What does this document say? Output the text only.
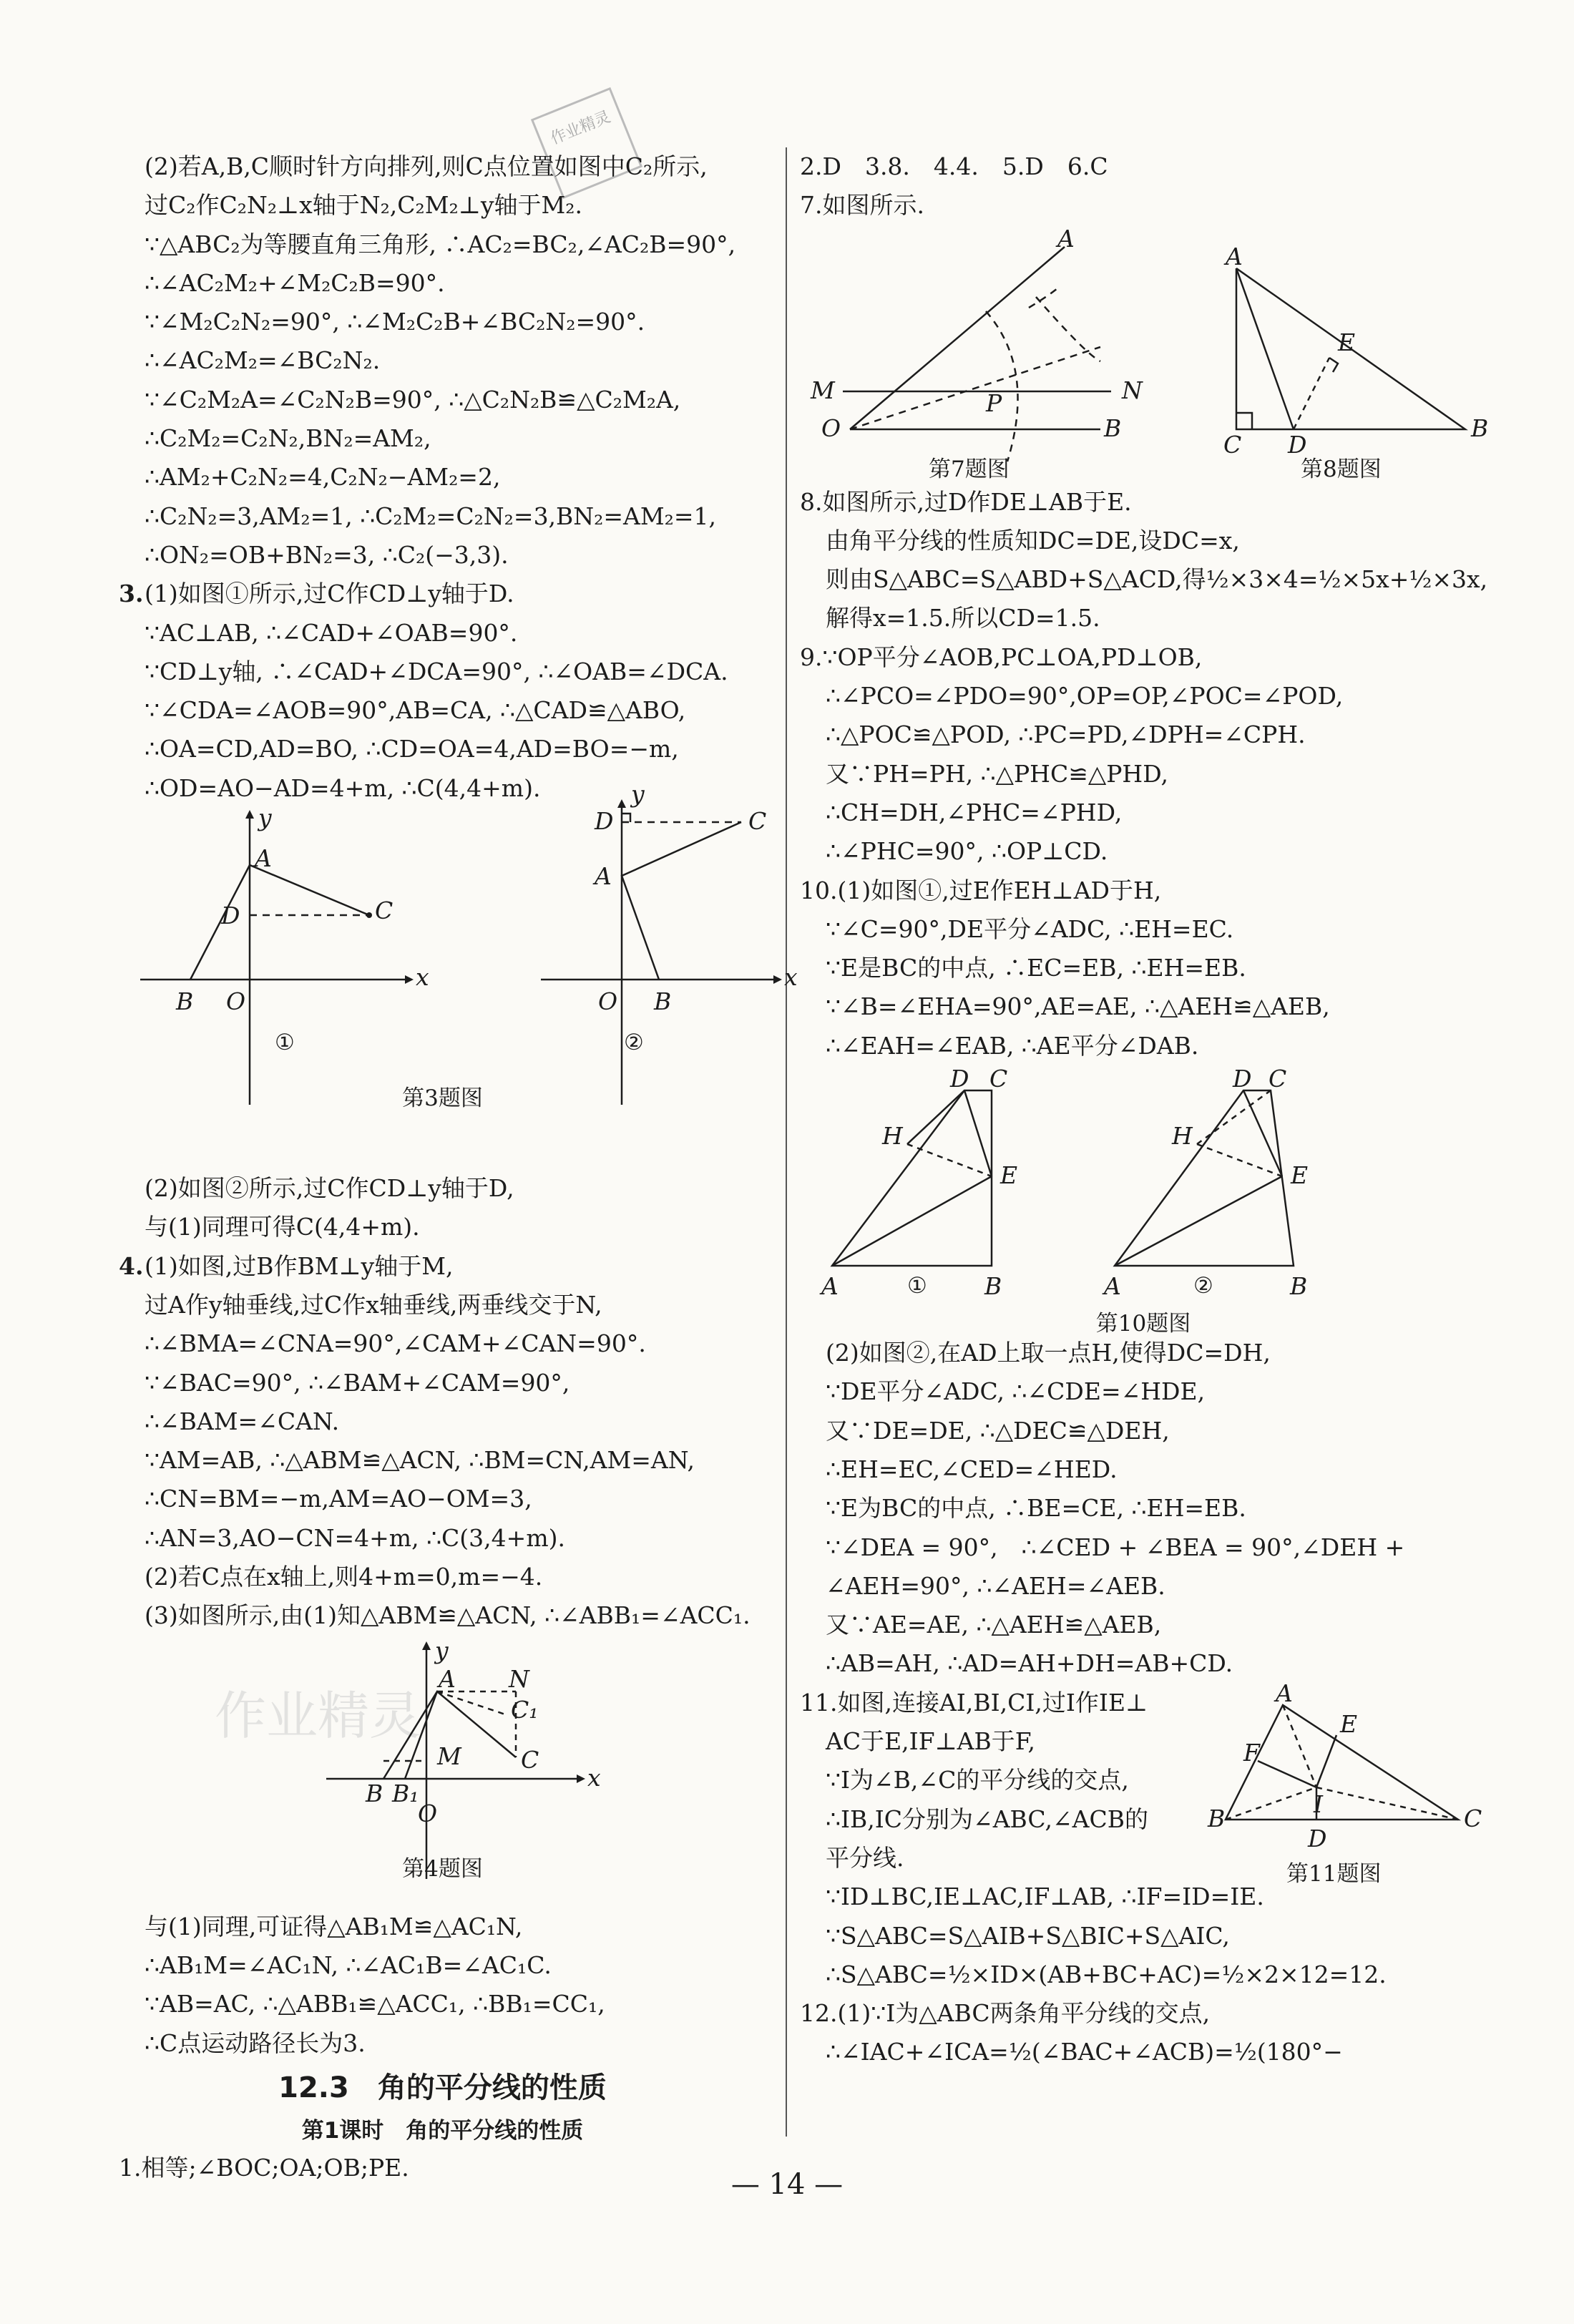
作业精灵
作业精灵
(2)若A,B,C顺时针方向排列,则C点位置如图中C₂所示,
过C₂作C₂N₂⊥x轴于N₂,C₂M₂⊥y轴于M₂.
∵△ABC₂为等腰直角三角形, ∴AC₂=BC₂,∠AC₂B=90°,
∴∠AC₂M₂+∠M₂C₂B=90°.
∵∠M₂C₂N₂=90°, ∴∠M₂C₂B+∠BC₂N₂=90°.
∴∠AC₂M₂=∠BC₂N₂.
∵∠C₂M₂A=∠C₂N₂B=90°, ∴△C₂N₂B≌△C₂M₂A,
∴C₂M₂=C₂N₂,BN₂=AM₂,
∴AM₂+C₂N₂=4,C₂N₂−AM₂=2,
∴C₂N₂=3,AM₂=1, ∴C₂M₂=C₂N₂=3,BN₂=AM₂=1,
∴ON₂=OB+BN₂=3, ∴C₂(−3,3).
3. (1)如图①所示,过C作CD⊥y轴于D.
∵AC⊥AB, ∴∠CAD+∠OAB=90°.
∵CD⊥y轴, ∴∠CAD+∠DCA=90°, ∴∠OAB=∠DCA.
∵∠CDA=∠AOB=90°,AB=CA, ∴△CAD≌△ABO,
∴OA=CD,AD=BO, ∴CD=OA=4,AD=BO=−m,
∴OD=AO−AD=4+m, ∴C(4,4+m).
y
A
C
D
B O
x
y
D	C
A
O B
x
①	②
第3题图
(2)如图②所示,过C作CD⊥y轴于D,
与(1)同理可得C(4,4+m).
4. (1)如图,过B作BM⊥y轴于M,
过A作y轴垂线,过C作x轴垂线,两垂线交于N,
∴∠BMA=∠CNA=90°,∠CAM+∠CAN=90°.
∵∠BAC=90°, ∴∠BAM+∠CAM=90°,
∴∠BAM=∠CAN.
∵AM=AB, ∴△ABM≌△ACN, ∴BM=CN,AM=AN,
∴CN=BM=−m,AM=AO−OM=3,
∴AN=3,AO−CN=4+m, ∴C(3,4+m).
(2)若C点在x轴上,则4+m=0,m=−4.
(3)如图所示,由(1)知△ABM≌△ACN, ∴∠ABB₁=∠ACC₁.
y
A N
C₁
C
M
B B₁
O
x
第4题图
与(1)同理,可证得△AB₁M≌△AC₁N,
∴AB₁M=∠AC₁N, ∴∠AC₁B=∠AC₁C.
∵AB=AC, ∴△ABB₁≌△ACC₁, ∴BB₁=CC₁,
∴C点运动路径长为3.
12.3　角的平分线的性质
第1课时　角的平分线的性质
1.相等;∠BOC;OA;OB;PE.
2.D　3.8.　4.4.　5.D　6.C
7.如图所示.
A
M	N
P
O	B
A
E
C D
B
第7题图	第8题图
8.如图所示,过D作DE⊥AB于E.
由角平分线的性质知DC=DE,设DC=x,
则由S△ABC=S△ABD+S△ACD,得½×3×4=½×5x+½×3x,
解得x=1.5.所以CD=1.5.
9.∵OP平分∠AOB,PC⊥OA,PD⊥OB,
∴∠PCO=∠PDO=90°,OP=OP,∠POC=∠POD,
∴△POC≌△POD, ∴PC=PD,∠DPH=∠CPH.
又∵PH=PH, ∴△PHC≌△PHD,
∴CH=DH,∠PHC=∠PHD,
∴∠PHC=90°, ∴OP⊥CD.
10.(1)如图①,过E作EH⊥AD于H,
∵∠C=90°,DE平分∠ADC, ∴EH=EC.
∵E是BC的中点, ∴EC=EB, ∴EH=EB.
∵∠B=∠EHA=90°,AE=AE, ∴△AEH≌△AEB,
∴∠EAH=∠EAB, ∴AE平分∠DAB.
D C
H
E
A	B
D C
H
E
A	B
①	②
第10题图
(2)如图②,在AD上取一点H,使得DC=DH,
∵DE平分∠ADC, ∴∠CDE=∠HDE,
又∵DE=DE, ∴△DEC≌△DEH,
∴EH=EC,∠CED=∠HED.
∵E为BC的中点, ∴BE=CE, ∴EH=EB.
∵∠DEA = 90°,　∴∠CED + ∠BEA = 90°,∠DEH +
∠AEH=90°, ∴∠AEH=∠AEB.
又∵AE=AE, ∴△AEH≌△AEB,
∴AB=AH, ∴AD=AH+DH=AB+CD.
11.如图,连接AI,BI,CI,过I作IE⊥
AC于E,IF⊥AB于F,
∵I为∠B,∠C的平分线的交点,
∴IB,IC分别为∠ABC,∠ACB的
平分线.
∵ID⊥BC,IE⊥AC,IF⊥AB, ∴IF=ID=IE.
∵S△ABC=S△AIB+S△BIC+S△AIC,
∴S△ABC=½×ID×(AB+BC+AC)=½×2×12=12.
A
E
F
I
B	C
D
第11题图
12.(1)∵I为△ABC两条角平分线的交点,
∴∠IAC+∠ICA=½(∠BAC+∠ACB)=½(180°−
— 14 —
